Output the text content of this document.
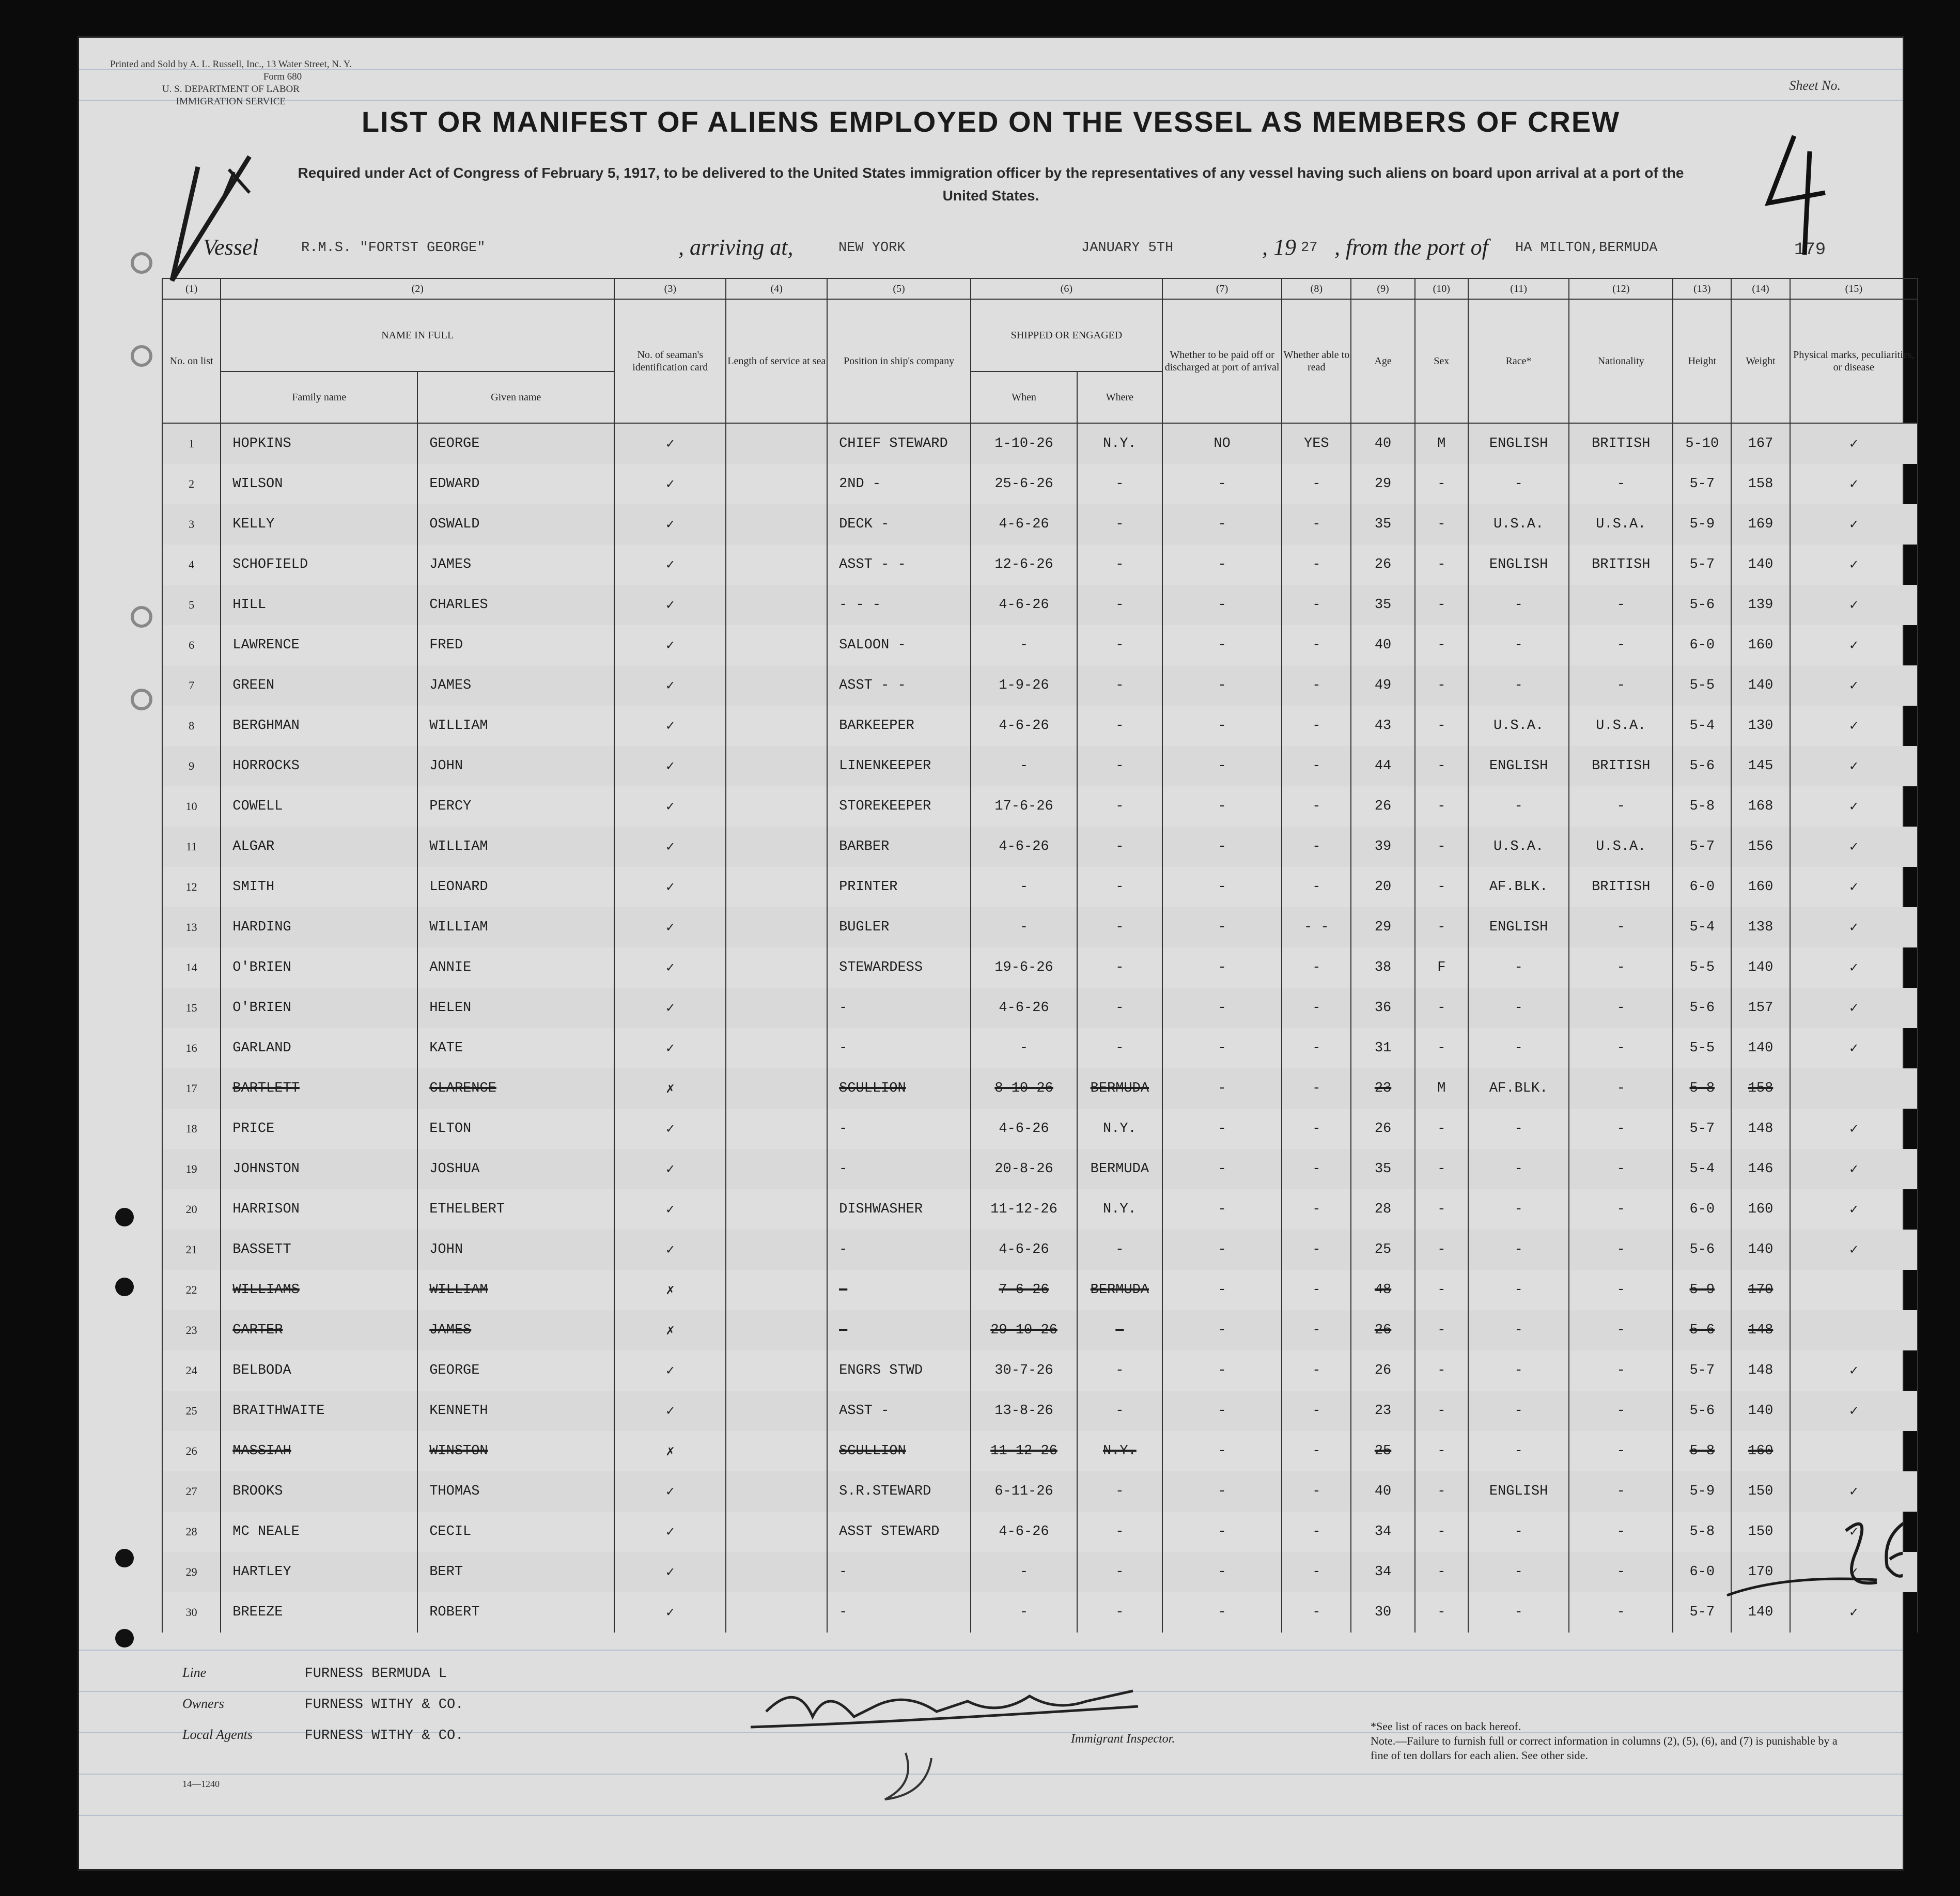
Printed and Sold by A. L. Russell, Inc., 13 Water Street, N. Y.
Form 680
U. S. DEPARTMENT OF LABOR
IMMIGRATION SERVICE
Sheet No.
LIST OR MANIFEST OF ALIENS EMPLOYED ON THE VESSEL AS MEMBERS OF CREW
Required under Act of Congress of February 5, 1917, to be delivered to the United States immigration officer by the representatives of any vessel having such aliens on board upon arrival at a port of the United States.
Vessel	R.M.S. "FORTST GEORGE"	, arriving at,	NEW YORK	JANUARY 5TH	, 19 27 , from the port of HA MILTON,BERMUDA	179
(1)	(2)		(3)	(4)	(5)	(6)		(7)	(8)	(9)	(10)	(11)	(12)	(13)	(14)	(15)
No. on list	NAME IN FULL		No. of seaman's identification card	Length of service at sea	Position in ship's company	SHIPPED OR ENGAGED		Whether to be paid off or discharged at port of arrival	Whether able to read	Age	Sex	Race*	Nationality	Height	Weight	Physical marks, peculiarities, or disease
	Family name	Given name				When	Where									
1	HOPKINS	GEORGE	✓		CHIEF STEWARD	1-10-26	N.Y.	NO	YES	40	M	ENGLISH	BRITISH	5-10	167	✓
2	WILSON	EDWARD	✓		2ND -	25-6-26	-	-	-	29	-	-	-	5-7	158	✓
3	KELLY	OSWALD	✓		DECK -	4-6-26	-	-	-	35	-	U.S.A.	U.S.A.	5-9	169	✓
4	SCHOFIELD	JAMES	✓		ASST - -	12-6-26	-	-	-	26	-	ENGLISH	BRITISH	5-7	140	✓
5	HILL	CHARLES	✓		- - -	4-6-26	-	-	-	35	-	-	-	5-6	139	✓
6	LAWRENCE	FRED	✓		SALOON -	-	-	-	-	40	-	-	-	6-0	160	✓
7	GREEN	JAMES	✓		ASST - -	1-9-26	-	-	-	49	-	-	-	5-5	140	✓
8	BERGHMAN	WILLIAM	✓		BARKEEPER	4-6-26	-	-	-	43	-	U.S.A.	U.S.A.	5-4	130	✓
9	HORROCKS	JOHN	✓		LINENKEEPER	-	-	-	-	44	-	ENGLISH	BRITISH	5-6	145	✓
10	COWELL	PERCY	✓		STOREKEEPER	17-6-26	-	-	-	26	-	-	-	5-8	168	✓
11	ALGAR	WILLIAM	✓		BARBER	4-6-26	-	-	-	39	-	U.S.A.	U.S.A.	5-7	156	✓
12	SMITH	LEONARD	✓		PRINTER	-	-	-	-	20	-	AF.BLK.	BRITISH	6-0	160	✓
13	HARDING	WILLIAM	✓		BUGLER	-	-	-	- -	29	-	ENGLISH	-	5-4	138	✓
14	O'BRIEN	ANNIE	✓		STEWARDESS	19-6-26	-	-	-	38	F	-	-	5-5	140	✓
15	O'BRIEN	HELEN	✓		-	4-6-26	-	-	-	36	-	-	-	5-6	157	✓
16	GARLAND	KATE	✓		-	-	-	-	-	31	-	-	-	5-5	140	✓
17	BARTLETT	CLARENCE	✗		SCULLION	8-10-26	BERMUDA	-	-	23	M	AF.BLK.	-	5-8	158	
18	PRICE	ELTON	✓		-	4-6-26	N.Y.	-	-	26	-	-	-	5-7	148	✓
19	JOHNSTON	JOSHUA	✓		-	20-8-26	BERMUDA	-	-	35	-	-	-	5-4	146	✓
20	HARRISON	ETHELBERT	✓		DISHWASHER	11-12-26	N.Y.	-	-	28	-	-	-	6-0	160	✓
21	BASSETT	JOHN	✓		-	4-6-26	-	-	-	25	-	-	-	5-6	140	✓
22	WILLIAMS	WILLIAM	✗		-	7-6-26	BERMUDA	-	-	48	-	-	-	5-9	170	
23	CARTER	JAMES	✗		-	29-10-26	-	-	-	26	-	-	-	5-6	148	
24	BELBODA	GEORGE	✓		ENGRS STWD	30-7-26	-	-	-	26	-	-	-	5-7	148	✓
25	BRAITHWAITE	KENNETH	✓		ASST -	13-8-26	-	-	-	23	-	-	-	5-6	140	✓
26	MASSIAH	WINSTON	✗		SCULLION	11-12-26	N.Y.	-	-	25	-	-	-	5-8	160	
27	BROOKS	THOMAS	✓		S.R.STEWARD	6-11-26	-	-	-	40	-	ENGLISH	-	5-9	150	✓
28	MC NEALE	CECIL	✓		ASST STEWARD	4-6-26	-	-	-	34	-	-	-	5-8	150	✓
29	HARTLEY	BERT	✓		-	-	-	-	-	34	-	-	-	6-0	170	✓
30	BREEZE	ROBERT	✓		-	-	-	-	-	30	-	-	-	5-7	140	✓
Line	FURNESS BERMUDA L
Owners	FURNESS WITHY & CO.
Local Agents	FURNESS WITHY & CO.
14—1240
Immigrant Inspector.
*See list of races on back hereof.
Note.—Failure to furnish full or correct information in columns (2), (5), (6), and (7) is punishable by a fine of ten dollars for each alien. See other side.
